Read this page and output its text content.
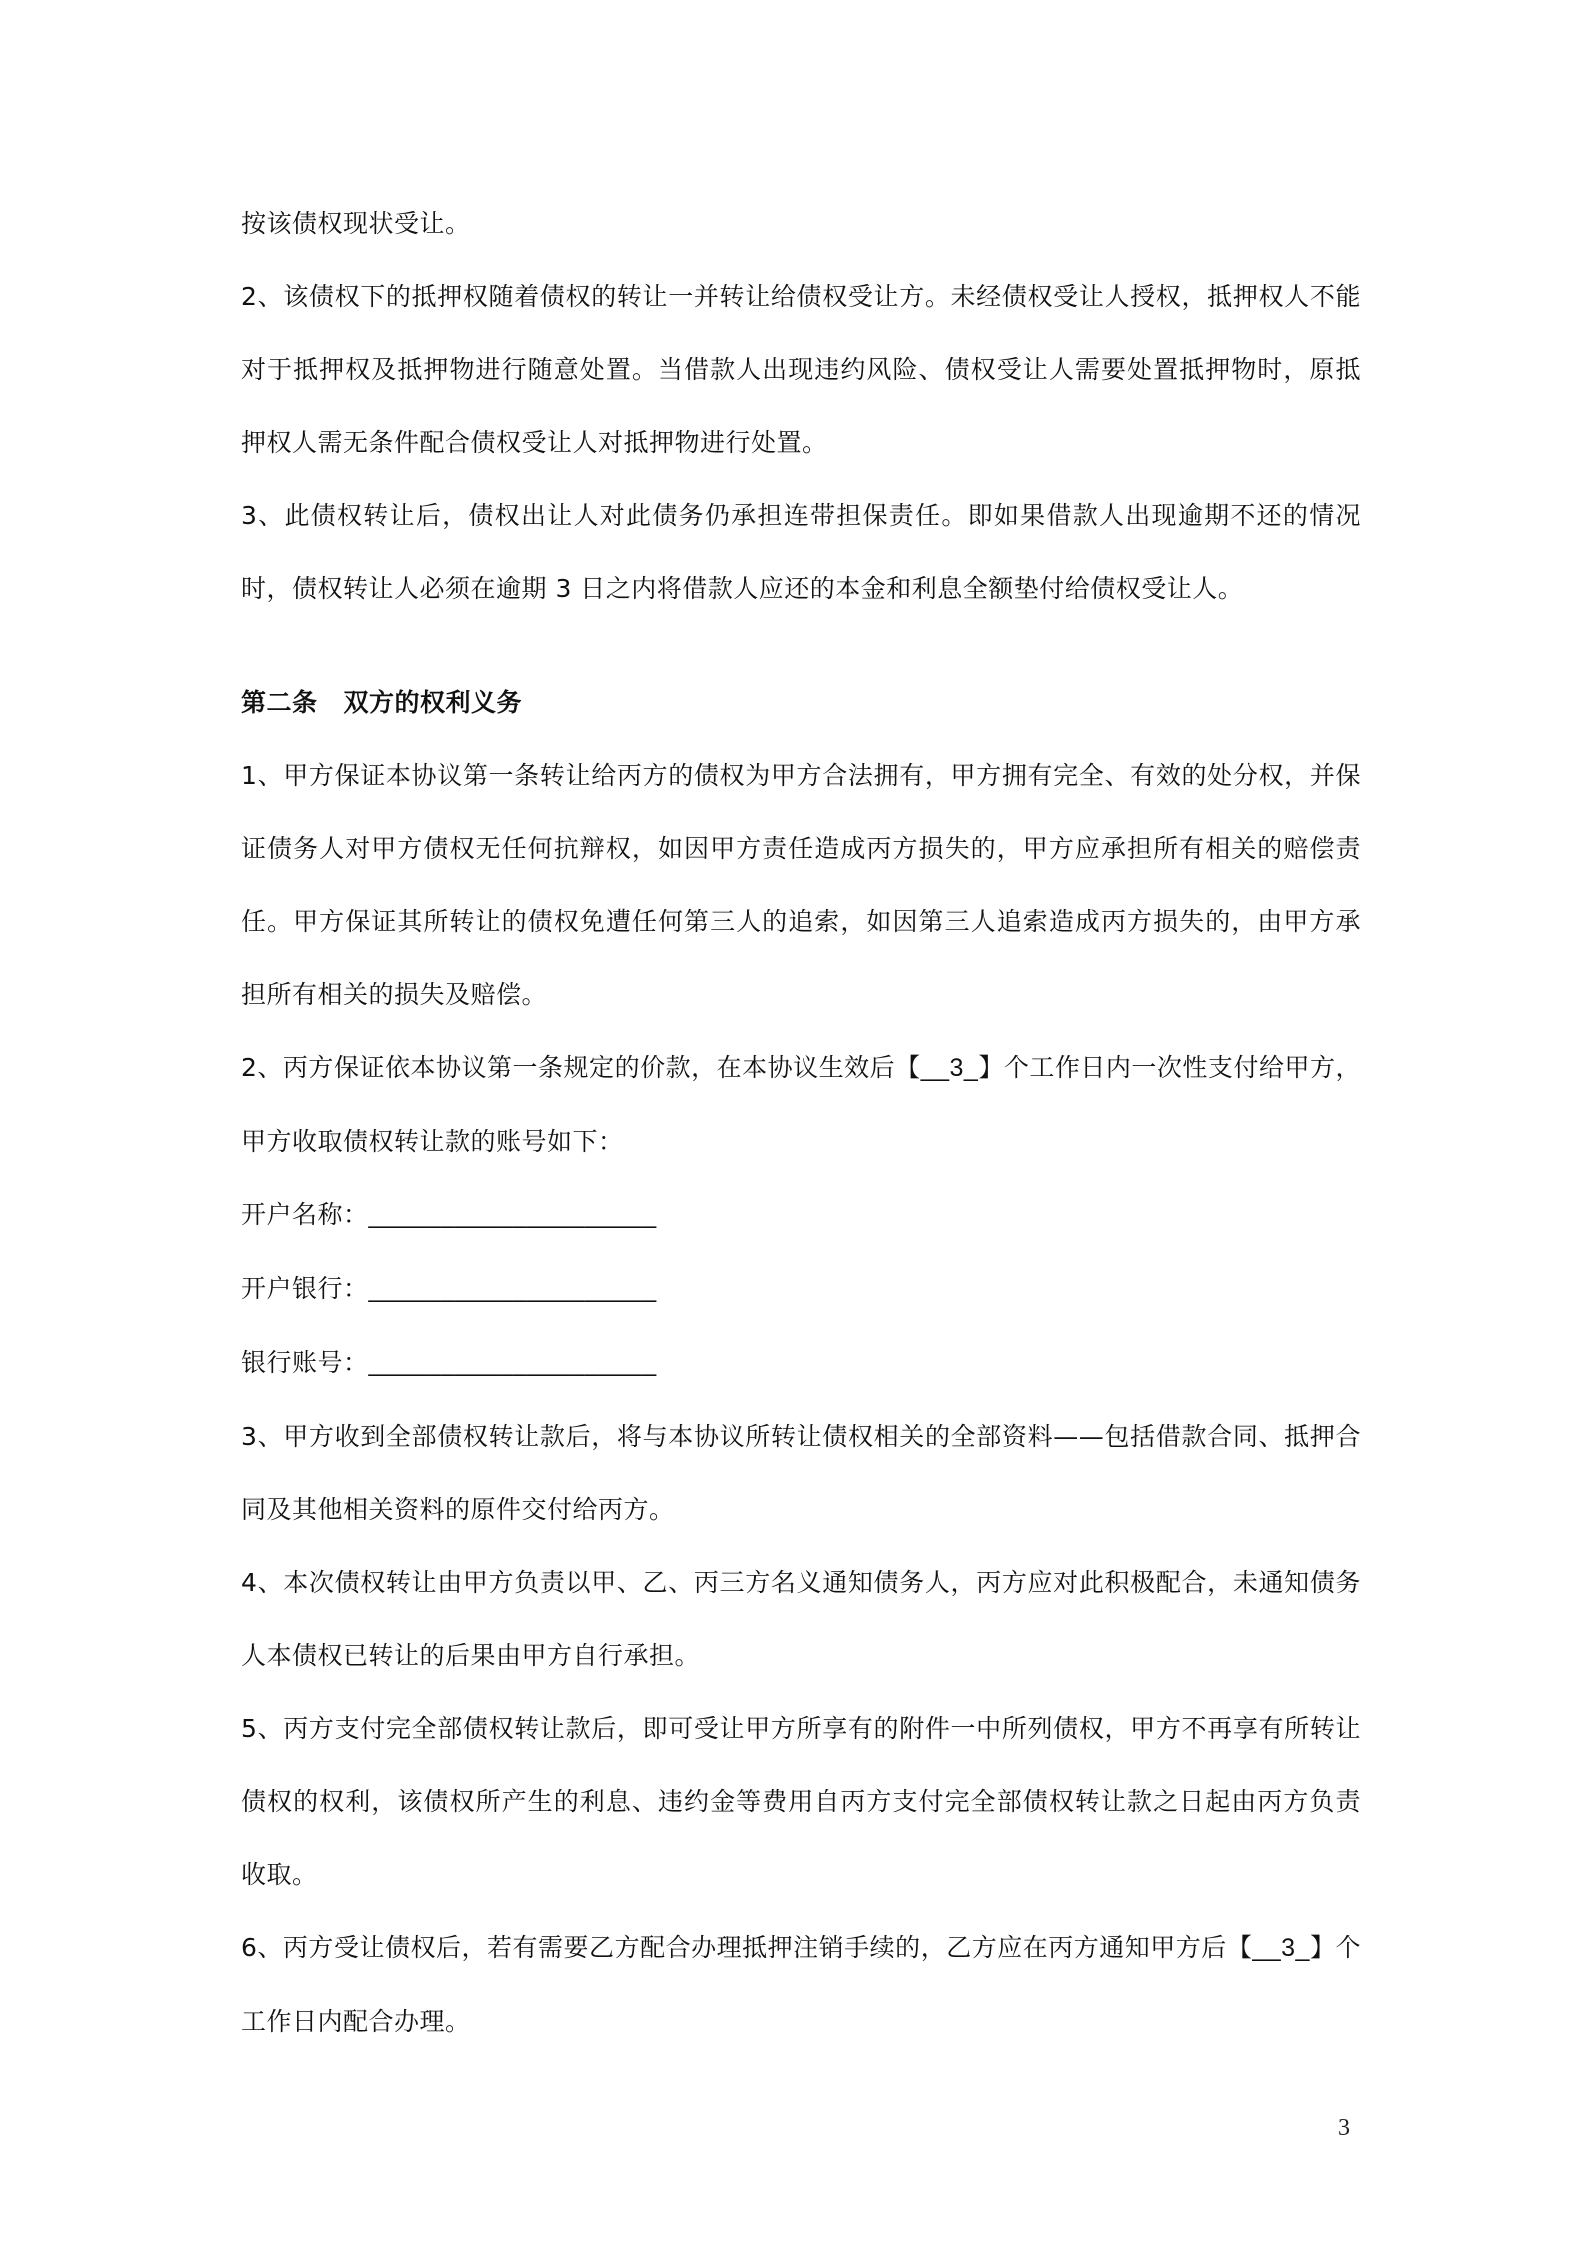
按该债权现状受让。

2、该债权下的抵押权随着债权的转让一并转让给债权受让方。未经债权受让人授权，抵押权人不能对于抵押权及抵押物进行随意处置。当借款人出现违约风险、债权受让人需要处置抵押物时，原抵押权人需无条件配合债权受让人对抵押物进行处置。

3、此债权转让后，债权出让人对此债务仍承担连带担保责任。即如果借款人出现逾期不还的情况时，债权转让人必须在逾期 3 日之内将借款人应还的本金和利息全额垫付给债权受让人。

第二条 双方的权利义务

1、甲方保证本协议第一条转让给丙方的债权为甲方合法拥有，甲方拥有完全、有效的处分权，并保证债务人对甲方债权无任何抗辩权，如因甲方责任造成丙方损失的，甲方应承担所有相关的赔偿责任。甲方保证其所转让的债权免遭任何第三人的追索，如因第三人追索造成丙方损失的，由甲方承担所有相关的损失及赔偿。

2、丙方保证依本协议第一条规定的价款，在本协议生效后【__3_】个工作日内一次性支付给甲方，甲方收取债权转让款的账号如下：

开户名称：____________________

开户银行：____________________

银行账号：____________________

3、甲方收到全部债权转让款后，将与本协议所转让债权相关的全部资料——包括借款合同、抵押合同及其他相关资料的原件交付给丙方。

4、本次债权转让由甲方负责以甲、乙、丙三方名义通知债务人，丙方应对此积极配合，未通知债务人本债权已转让的后果由甲方自行承担。

5、丙方支付完全部债权转让款后，即可受让甲方所享有的附件一中所列债权，甲方不再享有所转让债权的权利，该债权所产生的利息、违约金等费用自丙方支付完全部债权转让款之日起由丙方负责收取。

6、丙方受让债权后，若有需要乙方配合办理抵押注销手续的，乙方应在丙方通知甲方后【__3_】个工作日内配合办理。

3
